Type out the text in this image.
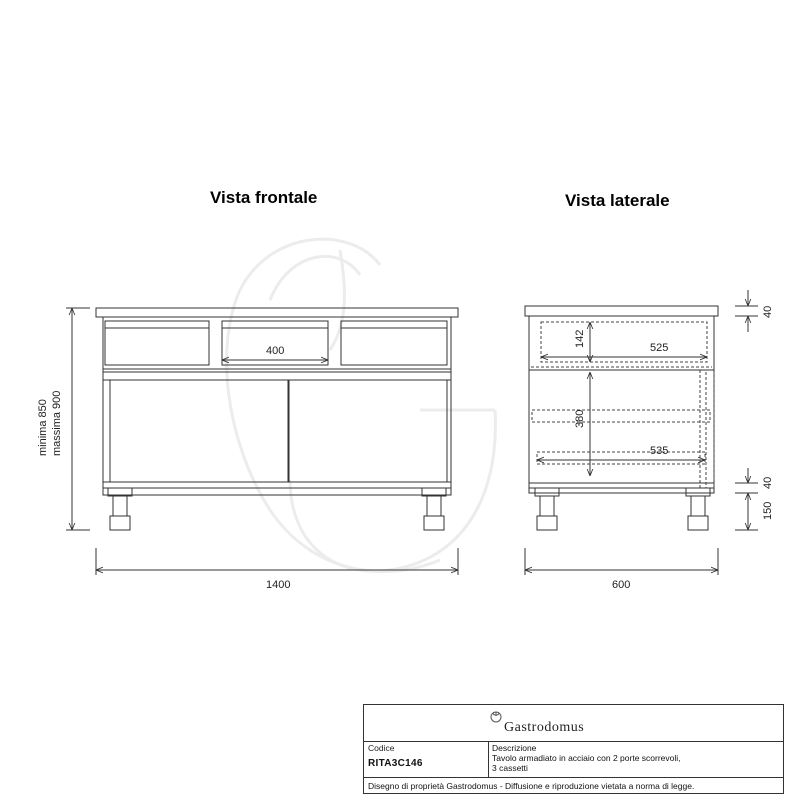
Vista frontale	Vista laterale
400
1400
minima 850 massima 900
142	525
380
535
600
40
40
150
Gastrodomus
Codice
RITA3C146
Descrizione
Tavolo armadiato in acciaio con 2 porte scorrevoli,
3 cassetti
Disegno di proprietà Gastrodomus - Diffusione e riproduzione vietata a norma di legge.
